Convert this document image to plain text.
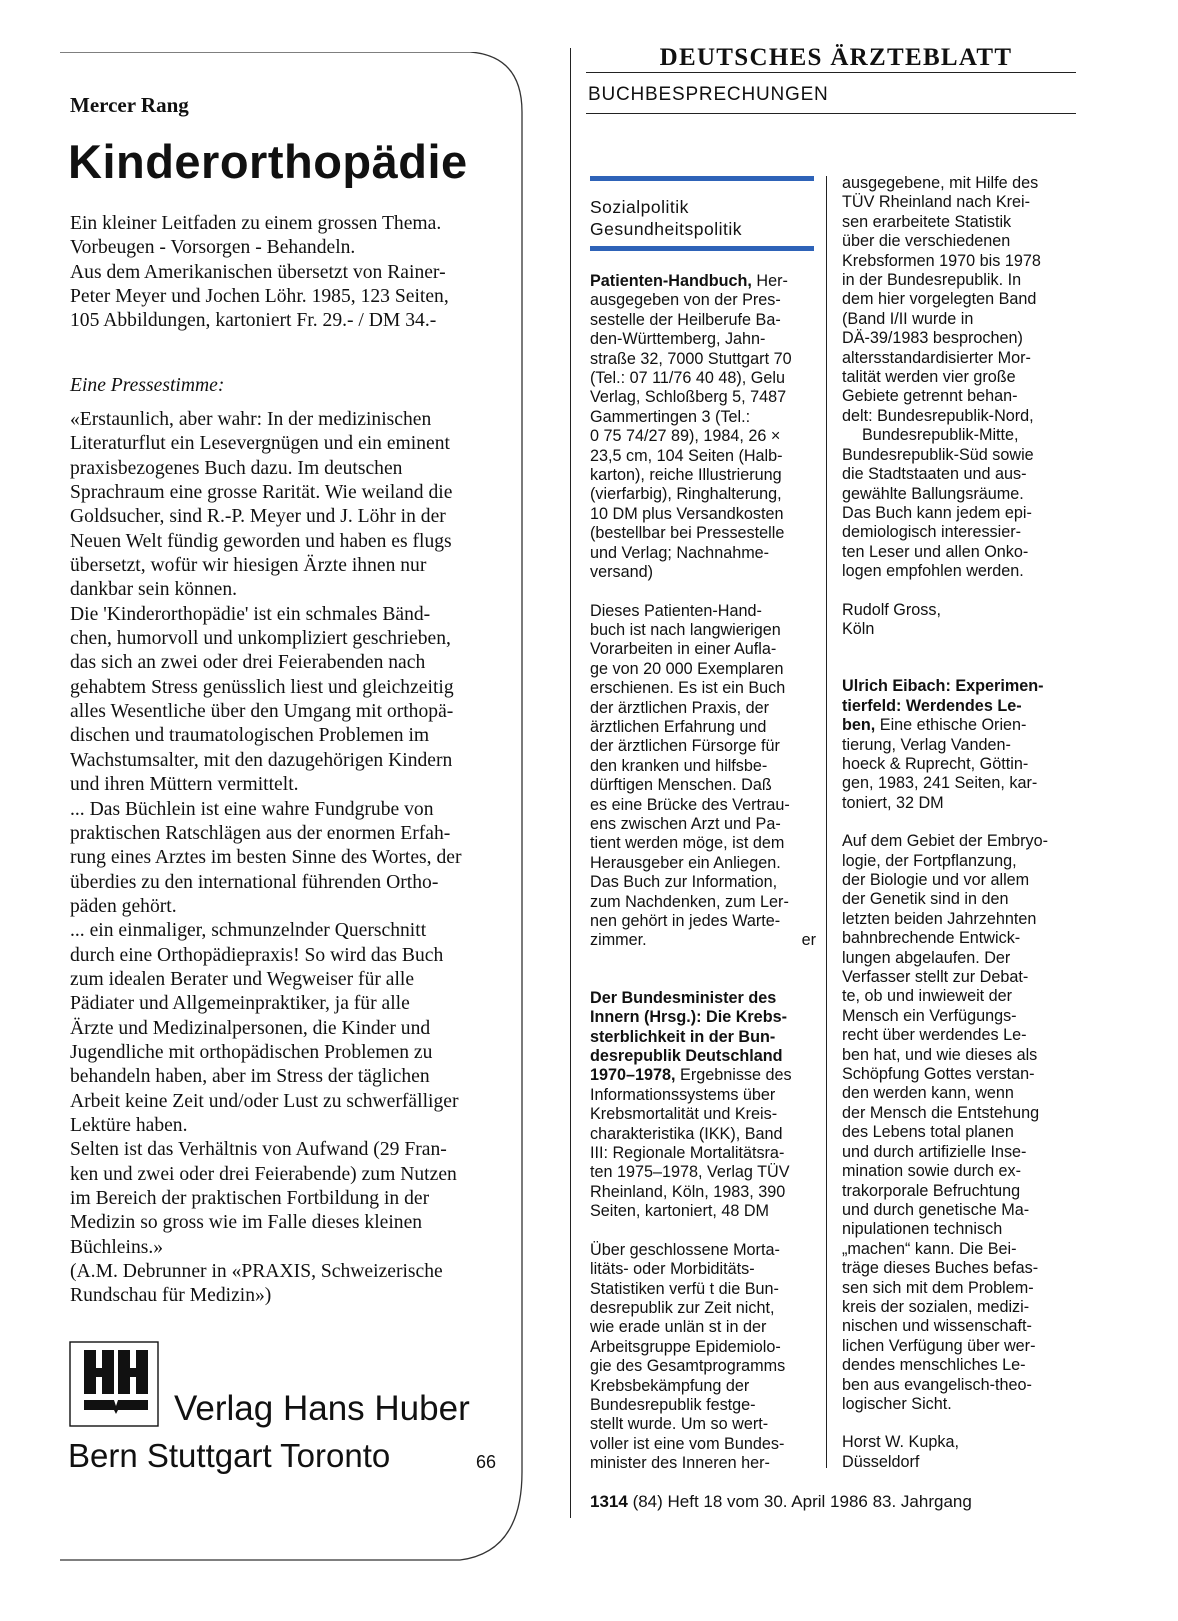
Mercer Rang
Kinderorthopädie
Ein kleiner Leitfaden zu einem grossen Thema.
Vorbeugen - Vorsorgen - Behandeln.
Aus dem Amerikanischen übersetzt von Rainer-
Peter Meyer und Jochen Löhr. 1985, 123 Seiten,
105 Abbildungen, kartoniert Fr. 29.- / DM 34.-
Eine Pressestimme:
«Erstaunlich, aber wahr: In der medizinischen
Literaturflut ein Lesevergnügen und ein eminent
praxisbezogenes Buch dazu. Im deutschen
Sprachraum eine grosse Rarität. Wie weiland die
Goldsucher, sind R.-P. Meyer und J. Löhr in der
Neuen Welt fündig geworden und haben es flugs
übersetzt, wofür wir hiesigen Ärzte ihnen nur
dankbar sein können.
Die 'Kinderorthopädie' ist ein schmales Bänd-
chen, humorvoll und unkompliziert geschrieben,
das sich an zwei oder drei Feierabenden nach
gehabtem Stress genüsslich liest und gleichzeitig
alles Wesentliche über den Umgang mit orthopä-
dischen und traumatologischen Problemen im
Wachstumsalter, mit den dazugehörigen Kindern
und ihren Müttern vermittelt.
... Das Büchlein ist eine wahre Fundgrube von
praktischen Ratschlägen aus der enormen Erfah-
rung eines Arztes im besten Sinne des Wortes, der
überdies zu den international führenden Ortho-
päden gehört.
... ein einmaliger, schmunzelnder Querschnitt
durch eine Orthopädiepraxis! So wird das Buch
zum idealen Berater und Wegweiser für alle
Pädiater und Allgemeinpraktiker, ja für alle
Ärzte und Medizinalpersonen, die Kinder und
Jugendliche mit orthopädischen Problemen zu
behandeln haben, aber im Stress der täglichen
Arbeit keine Zeit und/oder Lust zu schwerfälliger
Lektüre haben.
Selten ist das Verhältnis von Aufwand (29 Fran-
ken und zwei oder drei Feierabende) zum Nutzen
im Bereich der praktischen Fortbildung in der
Medizin so gross wie im Falle dieses kleinen
Büchleins.»
(A.M. Debrunner in «PRAXIS, Schweizerische
Rundschau für Medizin»)
Verlag Hans Huber
Bern Stuttgart Toronto	66
DEUTSCHES ÄRZTEBLATT
BUCHBESPRECHUNGEN
Sozialpolitik
Gesundheitspolitik
Patienten-Handbuch, Her-
ausgegeben von der Pres-
sestelle der Heilberufe Ba-
den-Württemberg, Jahn-
straße 32, 7000 Stuttgart 70
(Tel.: 07 11/76 40 48), Gelu
Verlag, Schloßberg 5, 7487
Gammertingen 3 (Tel.:
0 75 74/27 89), 1984, 26 ×
23,5 cm, 104 Seiten (Halb-
karton), reiche Illustrierung
(vierfarbig), Ringhalterung,
10 DM plus Versandkosten
(bestellbar bei Pressestelle
und Verlag; Nachnahme-
versand)
Dieses Patienten-Hand-
buch ist nach langwierigen
Vorarbeiten in einer Aufla-
ge von 20 000 Exemplaren
erschienen. Es ist ein Buch
der ärztlichen Praxis, der
ärztlichen Erfahrung und
der ärztlichen Fürsorge für
den kranken und hilfsbe-
dürftigen Menschen. Daß
es eine Brücke des Vertrau-
ens zwischen Arzt und Pa-
tient werden möge, ist dem
Herausgeber ein Anliegen.
Das Buch zur Information,
zum Nachdenken, zum Ler-
nen gehört in jedes Warte-
zimmer.	er
Der Bundesminister des
Innern (Hrsg.): Die Krebs-
sterblichkeit in der Bun-
desrepublik Deutschland
1970–1978, Ergebnisse des
Informationssystems über
Krebsmortalität und Kreis-
charakteristika (IKK), Band
III: Regionale Mortalitätsra-
ten 1975–1978, Verlag TÜV
Rheinland, Köln, 1983, 390
Seiten, kartoniert, 48 DM
Über geschlossene Morta-
litäts- oder Morbiditäts-
Statistiken verfü t die Bun-
desrepublik zur Zeit nicht,
wie erade unlän st in der
Arbeitsgruppe Epidemiolo-
gie des Gesamtprogramms
Krebsbekämpfung der
Bundesrepublik festge-
stellt wurde. Um so wert-
voller ist eine vom Bundes-
minister des Inneren her-
ausgegebene, mit Hilfe des
TÜV Rheinland nach Krei-
sen erarbeitete Statistik
über die verschiedenen
Krebsformen 1970 bis 1978
in der Bundesrepublik. In
dem hier vorgelegten Band
(Band I/II wurde in
DÄ-39/1983 besprochen)
altersstandardisierter Mor-
talität werden vier große
Gebiete getrennt behan-
delt: Bundesrepublik-Nord,
Bundesrepublik-Mitte,
Bundesrepublik-Süd sowie
die Stadtstaaten und aus-
gewählte Ballungsräume.
Das Buch kann jedem epi-
demiologisch interessier-
ten Leser und allen Onko-
logen empfohlen werden.
Rudolf Gross,
Köln
Ulrich Eibach: Experimen-
tierfeld: Werdendes Le-
ben, Eine ethische Orien-
tierung, Verlag Vanden-
hoeck & Ruprecht, Göttin-
gen, 1983, 241 Seiten, kar-
toniert, 32 DM
Auf dem Gebiet der Embryo-
logie, der Fortpflanzung,
der Biologie und vor allem
der Genetik sind in den
letzten beiden Jahrzehnten
bahnbrechende Entwick-
lungen abgelaufen. Der
Verfasser stellt zur Debat-
te, ob und inwieweit der
Mensch ein Verfügungs-
recht über werdendes Le-
ben hat, und wie dieses als
Schöpfung Gottes verstan-
den werden kann, wenn
der Mensch die Entstehung
des Lebens total planen
und durch artifizielle Inse-
mination sowie durch ex-
trakorporale Befruchtung
und durch genetische Ma-
nipulationen technisch
„machen“ kann. Die Bei-
träge dieses Buches befas-
sen sich mit dem Problem-
kreis der sozialen, medizi-
nischen und wissenschaft-
lichen Verfügung über wer-
dendes menschliches Le-
ben aus evangelisch-theo-
logischer Sicht.
Horst W. Kupka,
Düsseldorf
1314 (84) Heft 18 vom 30. April 1986 83. Jahrgang
